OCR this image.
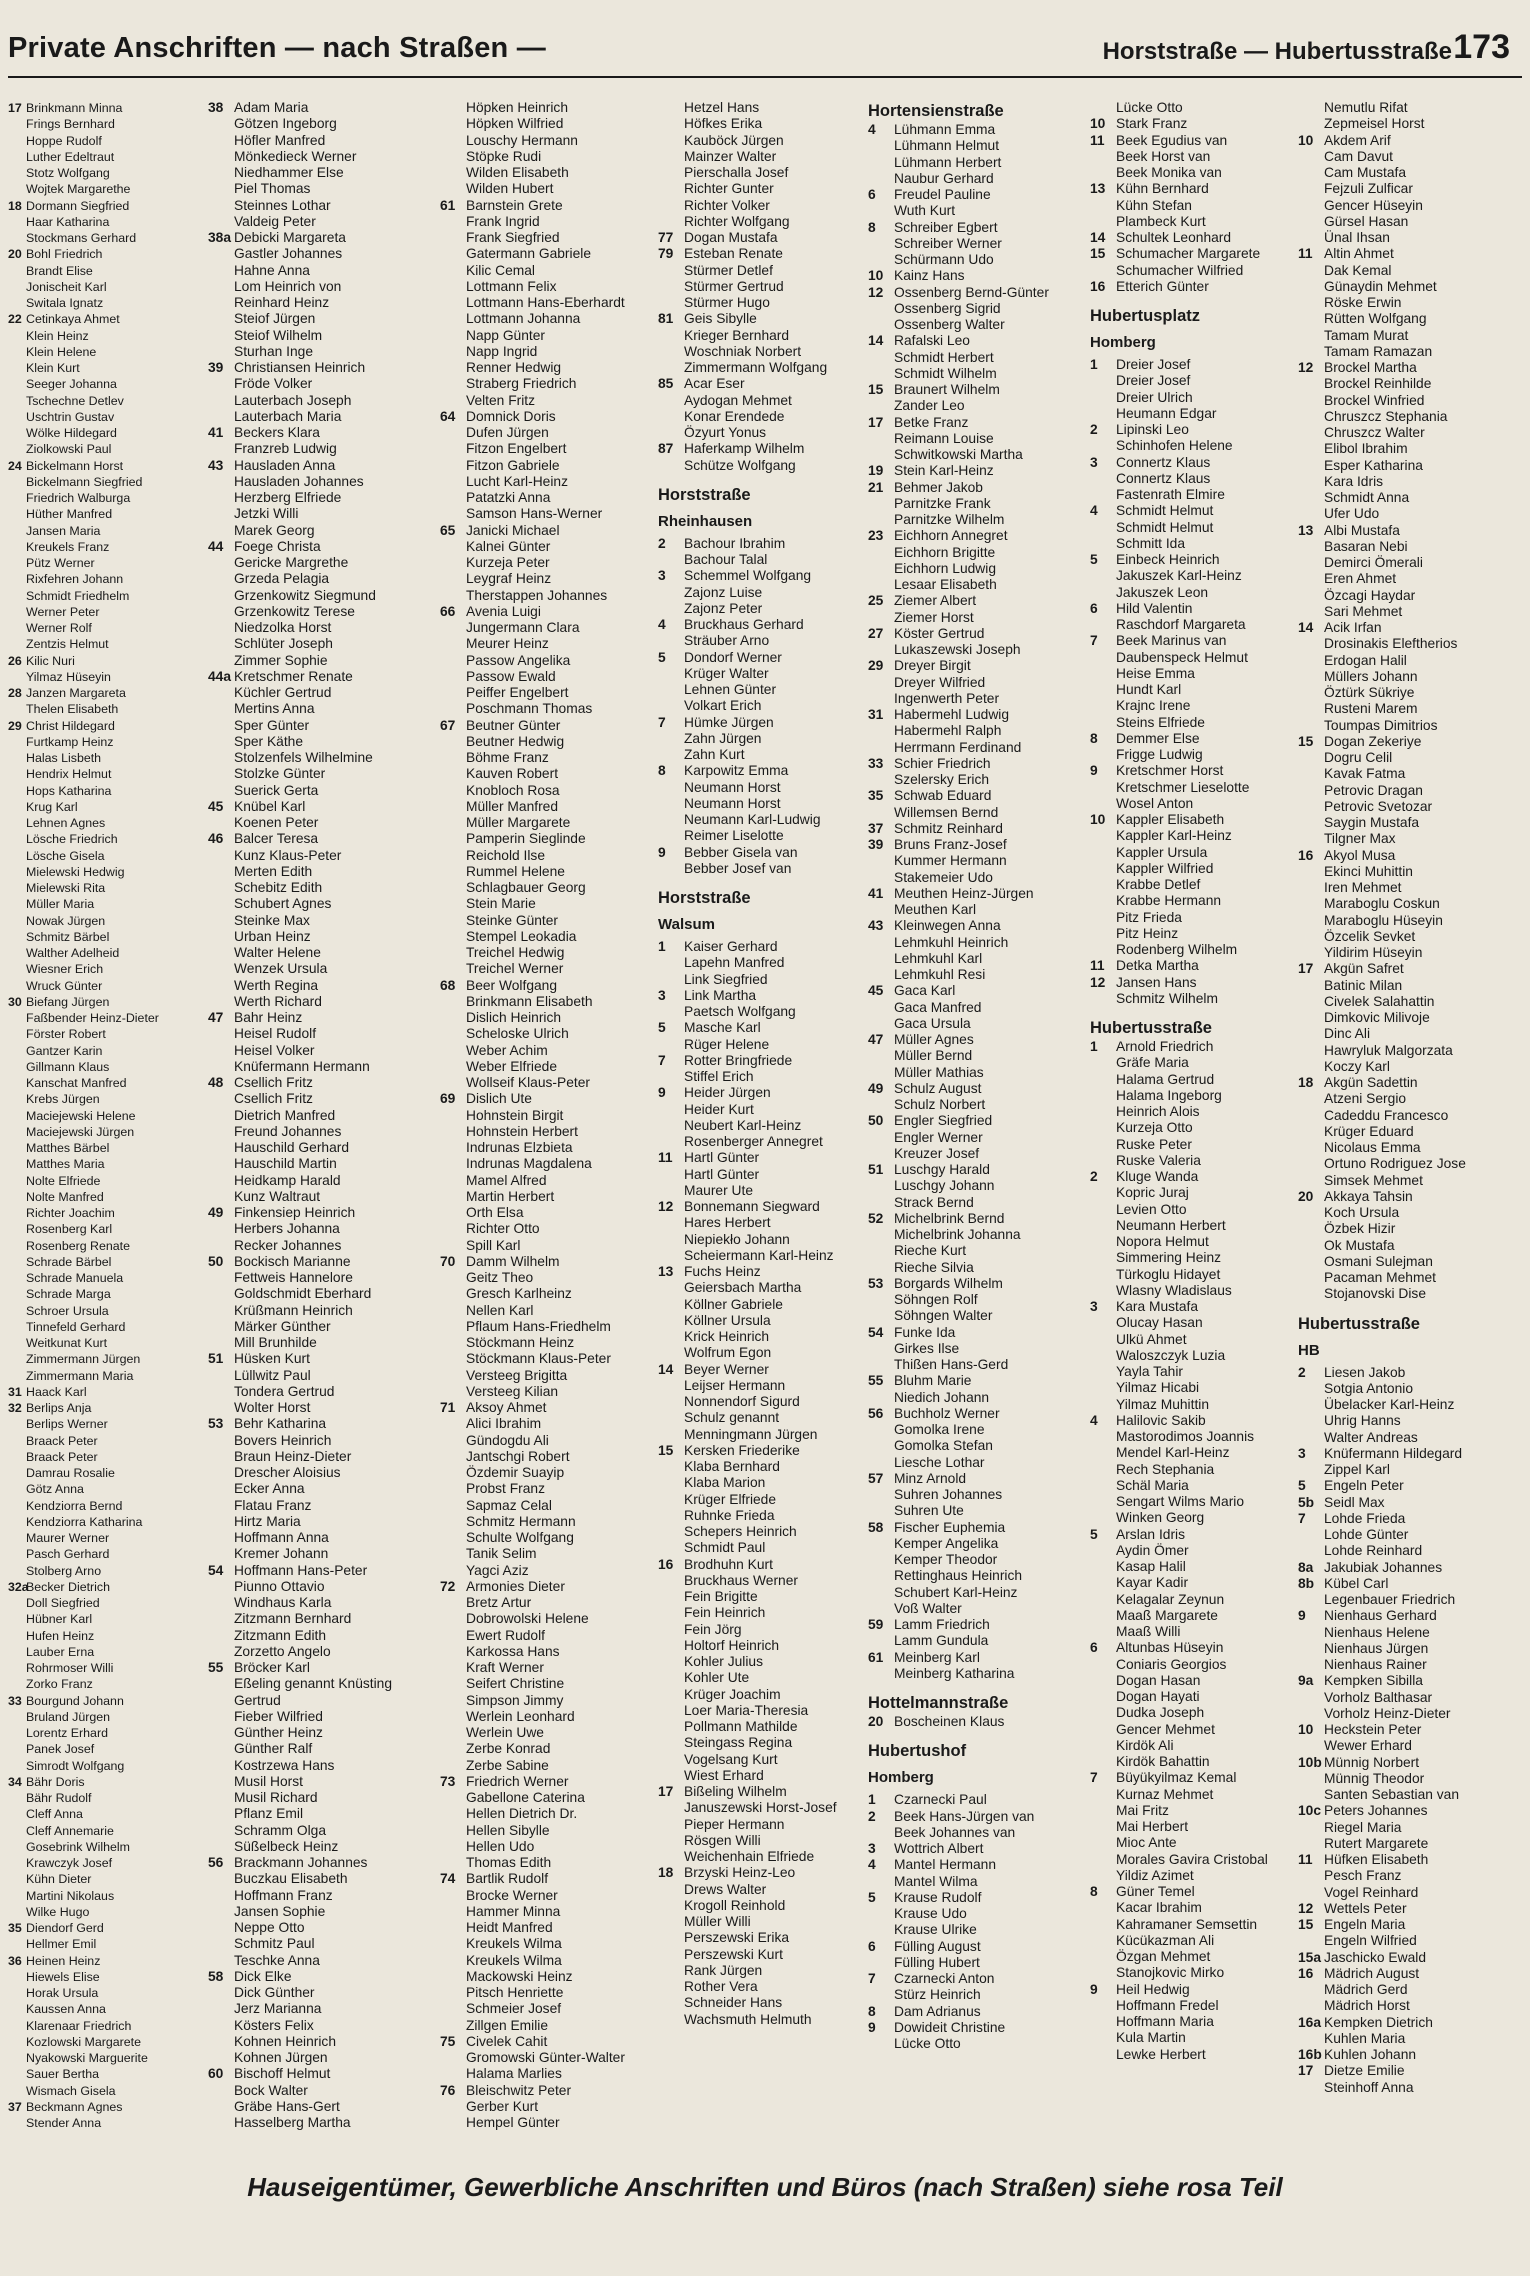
Private Anschriften — nach Straßen —	Horststraße — Hubertusstraße 173
17 Brinkmann Minna
Frings Bernhard
Hoppe Rudolf
Luther Edeltraut
Stotz Wolfgang
Wojtek Margarethe
18 Dormann Siegfried
Haar Katharina
Stockmans Gerhard
20 Bohl Friedrich
Brandt Elise
Jonischeit Karl
Switala Ignatz
22 Cetinkaya Ahmet
Klein Heinz
Klein Helene
Klein Kurt
Seeger Johanna
Tschechne Detlev
Uschtrin Gustav
Wölke Hildegard
Ziolkowski Paul
24 Bickelmann Horst
Bickelmann Siegfried
Friedrich Walburga
Hüther Manfred
Jansen Maria
Kreukels Franz
Pütz Werner
Rixfehren Johann
Schmidt Friedhelm
Werner Peter
Werner Rolf
Zentzis Helmut
26 Kilic Nuri
Yilmaz Hüseyin
28 Janzen Margareta
Thelen Elisabeth
29 Christ Hildegard
Furtkamp Heinz
Halas Lisbeth
Hendrix Helmut
Hops Katharina
Krug Karl
Lehnen Agnes
Lösche Friedrich
Lösche Gisela
Mielewski Hedwig
Mielewski Rita
Müller Maria
Nowak Jürgen
Schmitz Bärbel
Walther Adelheid
Wiesner Erich
Wruck Günter
30 Biefang Jürgen
Faßbender Heinz-Dieter
Förster Robert
Gantzer Karin
Gillmann Klaus
Kanschat Manfred
Krebs Jürgen
Maciejewski Helene
Maciejewski Jürgen
Matthes Bärbel
Matthes Maria
Nolte Elfriede
Nolte Manfred
Richter Joachim
Rosenberg Karl
Rosenberg Renate
Schrade Bärbel
Schrade Manuela
Schrade Marga
Schroer Ursula
Tinnefeld Gerhard
Weitkunat Kurt
Zimmermann Jürgen
Zimmermann Maria
31 Haack Karl
32 Berlips Anja
Berlips Werner
Braack Peter
Braack Peter
Damrau Rosalie
Götz Anna
Kendziorra Bernd
Kendziorra Katharina
Maurer Werner
Pasch Gerhard
Stolberg Arno
32aBecker Dietrich
Doll Siegfried
Hübner Karl
Hufen Heinz
Lauber Erna
Rohrmoser Willi
Zorko Franz
33 Bourgund Johann
Bruland Jürgen
Lorentz Erhard
Panek Josef
Simrodt Wolfgang
34 Bähr Doris
Bähr Rudolf
Cleff Anna
Cleff Annemarie
Gosebrink Wilhelm
Krawczyk Josef
Kühn Dieter
Martini Nikolaus
Wilke Hugo
35 Diendorf Gerd
Hellmer Emil
36 Heinen Heinz
Hiewels Elise
Horak Ursula
Kaussen Anna
Klarenaar Friedrich
Kozlowski Margarete
Nyakowski Marguerite
Sauer Bertha
Wismach Gisela
37 Beckmann Agnes
Stender Anna
38 Adam Maria
Götzen Ingeborg
Höfler Manfred
Mönkedieck Werner
Niedhammer Else
Piel Thomas
Steinnes Lothar
Valdeig Peter
38a Debicki Margareta
Gastler Johannes
Hahne Anna
Lom Heinrich von
Reinhard Heinz
Steiof Jürgen
Steiof Wilhelm
Sturhan Inge
39 Christiansen Heinrich
Fröde Volker
Lauterbach Joseph
Lauterbach Maria
41 Beckers Klara
Franzreb Ludwig
43 Hausladen Anna
Hausladen Johannes
Herzberg Elfriede
Jetzki Willi
Marek Georg
44 Foege Christa
Gericke Margrethe
Grzeda Pelagia
Grzenkowitz Siegmund
Grzenkowitz Terese
Niedzolka Horst
Schlüter Joseph
Zimmer Sophie
44a Kretschmer Renate
Küchler Gertrud
Mertins Anna
Sper Günter
Sper Käthe
Stolzenfels Wilhelmine
Stolzke Günter
Suerick Gerta
45 Knübel Karl
Koenen Peter
46 Balcer Teresa
Kunz Klaus-Peter
Merten Edith
Schebitz Edith
Schubert Agnes
Steinke Max
Urban Heinz
Walter Helene
Wenzek Ursula
Werth Regina
Werth Richard
47 Bahr Heinz
Heisel Rudolf
Heisel Volker
Knüfermann Hermann
48 Csellich Fritz
Csellich Fritz
Dietrich Manfred
Freund Johannes
Hauschild Gerhard
Hauschild Martin
Heidkamp Harald
Kunz Waltraut
49 Finkensiep Heinrich
Herbers Johanna
Recker Johannes
50 Bockisch Marianne
Fettweis Hannelore
Goldschmidt Eberhard
Krüßmann Heinrich
Märker Günther
Mill Brunhilde
51 Hüsken Kurt
Lüllwitz Paul
Tondera Gertrud
Wolter Horst
53 Behr Katharina
Bovers Heinrich
Braun Heinz-Dieter
Drescher Aloisius
Ecker Anna
Flatau Franz
Hirtz Maria
Hoffmann Anna
Kremer Johann
54 Hoffmann Hans-Peter
Piunno Ottavio
Windhaus Karla
Zitzmann Bernhard
Zitzmann Edith
Zorzetto Angelo
55 Bröcker Karl
Eßeling genannt Knüsting
Gertrud
Fieber Wilfried
Günther Heinz
Günther Ralf
Kostrzewa Hans
Musil Horst
Musil Richard
Pflanz Emil
Schramm Olga
Süßelbeck Heinz
56 Brackmann Johannes
Buczkau Elisabeth
Hoffmann Franz
Jansen Sophie
Neppe Otto
Schmitz Paul
Teschke Anna
58 Dick Elke
Dick Günther
Jerz Marianna
Kösters Felix
Kohnen Heinrich
Kohnen Jürgen
60 Bischoff Helmut
Bock Walter
Gräbe Hans-Gert
Hasselberg Martha
Höpken Heinrich
Höpken Wilfried
Louschy Hermann
Stöpke Rudi
Wilden Elisabeth
Wilden Hubert
61 Barnstein Grete
Frank Ingrid
Frank Siegfried
Gatermann Gabriele
Kilic Cemal
Lottmann Felix
Lottmann Hans-Eberhardt
Lottmann Johanna
Napp Günter
Napp Ingrid
Renner Hedwig
Straberg Friedrich
Velten Fritz
64 Domnick Doris
Dufen Jürgen
Fitzon Engelbert
Fitzon Gabriele
Lucht Karl-Heinz
Patatzki Anna
Samson Hans-Werner
65 Janicki Michael
Kalnei Günter
Kurzeja Peter
Leygraf Heinz
Therstappen Johannes
66 Avenia Luigi
Jungermann Clara
Meurer Heinz
Passow Angelika
Passow Ewald
Peiffer Engelbert
Poschmann Thomas
67 Beutner Günter
Beutner Hedwig
Böhme Franz
Kauven Robert
Knobloch Rosa
Müller Manfred
Müller Margarete
Pamperin Sieglinde
Reichold Ilse
Rummel Helene
Schlagbauer Georg
Stein Marie
Steinke Günter
Stempel Leokadia
Treichel Hedwig
Treichel Werner
68 Beer Wolfgang
Brinkmann Elisabeth
Dislich Heinrich
Scheloske Ulrich
Weber Achim
Weber Elfriede
Wollseif Klaus-Peter
69 Dislich Ute
Hohnstein Birgit
Hohnstein Herbert
Indrunas Elzbieta
Indrunas Magdalena
Mamel Alfred
Martin Herbert
Orth Elsa
Richter Otto
Spill Karl
70 Damm Wilhelm
Geitz Theo
Gresch Karlheinz
Nellen Karl
Pflaum Hans-Friedhelm
Stöckmann Heinz
Stöckmann Klaus-Peter
Versteeg Brigitta
Versteeg Kilian
71 Aksoy Ahmet
Alici Ibrahim
Gündogdu Ali
Jantschgi Robert
Özdemir Suayip
Probst Franz
Sapmaz Celal
Schmitz Hermann
Schulte Wolfgang
Tanik Selim
Yagci Aziz
72 Armonies Dieter
Bretz Artur
Dobrowolski Helene
Ewert Rudolf
Karkossa Hans
Kraft Werner
Seifert Christine
Simpson Jimmy
Werlein Leonhard
Werlein Uwe
Zerbe Konrad
Zerbe Sabine
73 Friedrich Werner
Gabellone Caterina
Hellen Dietrich Dr.
Hellen Sibylle
Hellen Udo
Thomas Edith
74 Bartlik Rudolf
Brocke Werner
Hammer Minna
Heidt Manfred
Kreukels Wilma
Kreukels Wilma
Mackowski Heinz
Pitsch Henriette
Schmeier Josef
Zillgen Emilie
75 Civelek Cahit
Gromowski Günter-Walter
Halama Marlies
76 Bleischwitz Peter
Gerber Kurt
Hempel Günter
Hetzel Hans
Höfkes Erika
Kauböck Jürgen
Mainzer Walter
Pierschalla Josef
Richter Gunter
Richter Volker
Richter Wolfgang
77 Dogan Mustafa
79 Esteban Renate
Stürmer Detlef
Stürmer Gertrud
Stürmer Hugo
81 Geis Sibylle
Krieger Bernhard
Woschniak Norbert
Zimmermann Wolfgang
85 Acar Eser
Aydogan Mehmet
Konar Erendede
Özyurt Yonus
87 Haferkamp Wilhelm
Schütze Wolfgang
Horststraße
Rheinhausen
2 Bachour Ibrahim
Bachour Talal
3 Schemmel Wolfgang
Zajonz Luise
Zajonz Peter
4 Bruckhaus Gerhard
Sträuber Arno
5 Dondorf Werner
Krüger Walter
Lehnen Günter
Volkart Erich
7 Hümke Jürgen
Zahn Jürgen
Zahn Kurt
8 Karpowitz Emma
Neumann Horst
Neumann Horst
Neumann Karl-Ludwig
Reimer Liselotte
9 Bebber Gisela van
Bebber Josef van
Horststraße
Walsum
1 Kaiser Gerhard
Lapehn Manfred
Link Siegfried
3 Link Martha
Paetsch Wolfgang
5 Masche Karl
Rüger Helene
7 Rotter Bringfriede
Stiffel Erich
9 Heider Jürgen
Heider Kurt
Neubert Karl-Heinz
Rosenberger Annegret
11 Hartl Günter
Hartl Günter
Maurer Ute
12 Bonnemann Siegward
Hares Herbert
Niepiekło Johann
Scheiermann Karl-Heinz
13 Fuchs Heinz
Geiersbach Martha
Köllner Gabriele
Köllner Ursula
Krick Heinrich
Wolfrum Egon
14 Beyer Werner
Leijser Hermann
Nonnendorf Sigurd
Schulz genannt
Menningmann Jürgen
15 Kersken Friederike
Klaba Bernhard
Klaba Marion
Krüger Elfriede
Ruhnke Frieda
Schepers Heinrich
Schmidt Paul
16 Brodhuhn Kurt
Bruckhaus Werner
Fein Brigitte
Fein Heinrich
Fein Jörg
Holtorf Heinrich
Kohler Julius
Kohler Ute
Krüger Joachim
Loer Maria-Theresia
Pollmann Mathilde
Steingass Regina
Vogelsang Kurt
Wiest Erhard
17 Bißeling Wilhelm
Januszewski Horst-Josef
Pieper Hermann
Rösgen Willi
Weichenhain Elfriede
18 Brzyski Heinz-Leo
Drews Walter
Krogoll Reinhold
Müller Willi
Perszewski Erika
Perszewski Kurt
Rank Jürgen
Rother Vera
Schneider Hans
Wachsmuth Helmuth
Hortensienstraße
4 Lühmann Emma
Lühmann Helmut
Lühmann Herbert
Naubur Gerhard
6 Freudel Pauline
Wuth Kurt
8 Schreiber Egbert
Schreiber Werner
Schürmann Udo
10 Kainz Hans
12 Ossenberg Bernd-Günter
Ossenberg Sigrid
Ossenberg Walter
14 Rafalski Leo
Schmidt Herbert
Schmidt Wilhelm
15 Braunert Wilhelm
Zander Leo
17 Betke Franz
Reimann Louise
Schwitkowski Martha
19 Stein Karl-Heinz
21 Behmer Jakob
Parnitzke Frank
Parnitzke Wilhelm
23 Eichhorn Annegret
Eichhorn Brigitte
Eichhorn Ludwig
Lesaar Elisabeth
25 Ziemer Albert
Ziemer Horst
27 Köster Gertrud
Lukaszewski Joseph
29 Dreyer Birgit
Dreyer Wilfried
Ingenwerth Peter
31 Habermehl Ludwig
Habermehl Ralph
Herrmann Ferdinand
33 Schier Friedrich
Szelersky Erich
35 Schwab Eduard
Willemsen Bernd
37 Schmitz Reinhard
39 Bruns Franz-Josef
Kummer Hermann
Stakemeier Udo
41 Meuthen Heinz-Jürgen
Meuthen Karl
43 Kleinwegen Anna
Lehmkuhl Heinrich
Lehmkuhl Karl
Lehmkuhl Resi
45 Gaca Karl
Gaca Manfred
Gaca Ursula
47 Müller Agnes
Müller Bernd
Müller Mathias
49 Schulz August
Schulz Norbert
50 Engler Siegfried
Engler Werner
Kreuzer Josef
51 Luschgy Harald
Luschgy Johann
Strack Bernd
52 Michelbrink Bernd
Michelbrink Johanna
Rieche Kurt
Rieche Silvia
53 Borgards Wilhelm
Söhngen Rolf
Söhngen Walter
54 Funke Ida
Girkes Ilse
Thißen Hans-Gerd
55 Bluhm Marie
Niedich Johann
56 Buchholz Werner
Gomolka Irene
Gomolka Stefan
Liesche Lothar
57 Minz Arnold
Suhren Johannes
Suhren Ute
58 Fischer Euphemia
Kemper Angelika
Kemper Theodor
Rettinghaus Heinrich
Schubert Karl-Heinz
Voß Walter
59 Lamm Friedrich
Lamm Gundula
61 Meinberg Karl
Meinberg Katharina
Hottelmannstraße
20 Boscheinen Klaus
Hubertushof
Homberg
1 Czarnecki Paul
2 Beek Hans-Jürgen van
Beek Johannes van
3 Wottrich Albert
4 Mantel Hermann
Mantel Wilma
5 Krause Rudolf
Krause Udo
Krause Ulrike
6 Fülling August
Fülling Hubert
7 Czarnecki Anton
Stürz Heinrich
8 Dam Adrianus
9 Dowideit Christine
Lücke Otto
Lücke Otto
10 Stark Franz
11 Beek Egudius van
Beek Horst van
Beek Monika van
13 Kühn Bernhard
Kühn Stefan
Plambeck Kurt
14 Schultek Leonhard
15 Schumacher Margarete
Schumacher Wilfried
16 Etterich Günter
Hubertusplatz
Homberg
1 Dreier Josef
Dreier Josef
Dreier Ulrich
Heumann Edgar
2 Lipinski Leo
Schinhofen Helene
3 Connertz Klaus
Connertz Klaus
Fastenrath Elmire
4 Schmidt Helmut
Schmidt Helmut
Schmitt Ida
5 Einbeck Heinrich
Jakuszek Karl-Heinz
Jakuszek Leon
6 Hild Valentin
Raschdorf Margareta
7 Beek Marinus van
Daubenspeck Helmut
Heise Emma
Hundt Karl
Krajnc Irene
Steins Elfriede
8 Demmer Else
Frigge Ludwig
9 Kretschmer Horst
Kretschmer Lieselotte
Wosel Anton
10 Kappler Elisabeth
Kappler Karl-Heinz
Kappler Ursula
Kappler Wilfried
Krabbe Detlef
Krabbe Hermann
Pitz Frieda
Pitz Heinz
Rodenberg Wilhelm
11 Detka Martha
12 Jansen Hans
Schmitz Wilhelm
Hubertusstraße
1 Arnold Friedrich
Gräfe Maria
Halama Gertrud
Halama Ingeborg
Heinrich Alois
Kurzeja Otto
Ruske Peter
Ruske Valeria
2 Kluge Wanda
Kopric Juraj
Levien Otto
Neumann Herbert
Nopora Helmut
Simmering Heinz
Türkoglu Hidayet
Wlasny Wladislaus
3 Kara Mustafa
Olucay Hasan
Ulkü Ahmet
Waloszczyk Luzia
Yayla Tahir
Yilmaz Hicabi
Yilmaz Muhittin
4 Halilovic Sakib
Mastorodimos Joannis
Mendel Karl-Heinz
Rech Stephania
Schäl Maria
Sengart Wilms Mario
Winken Georg
5 Arslan Idris
Aydin Ömer
Kasap Halil
Kayar Kadir
Kelagalar Zeynun
Maaß Margarete
Maaß Willi
6 Altunbas Hüseyin
Coniaris Georgios
Dogan Hasan
Dogan Hayati
Dudka Joseph
Gencer Mehmet
Kirdök Ali
Kirdök Bahattin
7 Büyükyilmaz Kemal
Kurnaz Mehmet
Mai Fritz
Mai Herbert
Mioc Ante
Morales Gavira Cristobal
Yildiz Azimet
8 Güner Temel
Kacar Ibrahim
Kahramaner Semsettin
Kücükazman Ali
Özgan Mehmet
Stanojkovic Mirko
9 Heil Hedwig
Hoffmann Fredel
Hoffmann Maria
Kula Martin
Lewke Herbert
Nemutlu Rifat
Zepmeisel Horst
10 Akdem Arif
Cam Davut
Cam Mustafa
Fejzuli Zulficar
Gencer Hüseyin
Gürsel Hasan
Ünal Ihsan
11 Altin Ahmet
Dak Kemal
Günaydin Mehmet
Röske Erwin
Rütten Wolfgang
Tamam Murat
Tamam Ramazan
12 Brockel Martha
Brockel Reinhilde
Brockel Winfried
Chruszcz Stephania
Chruszcz Walter
Elibol Ibrahim
Esper Katharina
Kara Idris
Schmidt Anna
Ufer Udo
13 Albi Mustafa
Basaran Nebi
Demirci Ömerali
Eren Ahmet
Özcagi Haydar
Sari Mehmet
14 Acik Irfan
Drosinakis Eleftherios
Erdogan Halil
Müllers Johann
Öztürk Sükriye
Rusteni Marem
Toumpas Dimitrios
15 Dogan Zekeriye
Dogru Celil
Kavak Fatma
Petrovic Dragan
Petrovic Svetozar
Saygin Mustafa
Tilgner Max
16 Akyol Musa
Ekinci Muhittin
Iren Mehmet
Maraboglu Coskun
Maraboglu Hüseyin
Özcelik Sevket
Yildirim Hüseyin
17 Akgün Safret
Batinic Milan
Civelek Salahattin
Dimkovic Milivoje
Dinc Ali
Hawryluk Malgorzata
Koczy Karl
18 Akgün Sadettin
Atzeni Sergio
Cadeddu Francesco
Krüger Eduard
Nicolaus Emma
Ortuno Rodriguez Jose
Simsek Mehmet
20 Akkaya Tahsin
Koch Ursula
Özbek Hizir
Ok Mustafa
Osmani Sulejman
Pacaman Mehmet
Stojanovski Dise
Hubertusstraße
HB
2 Liesen Jakob
Sotgia Antonio
Übelacker Karl-Heinz
Uhrig Hanns
Walter Andreas
3 Knüfermann Hildegard
Zippel Karl
5 Engeln Peter
5b Seidl Max
7 Lohde Frieda
Lohde Günter
Lohde Reinhard
8a Jakubiak Johannes
8b Kübel Carl
Legenbauer Friedrich
9 Nienhaus Gerhard
Nienhaus Helene
Nienhaus Jürgen
Nienhaus Rainer
9a Kempken Sibilla
Vorholz Balthasar
Vorholz Heinz-Dieter
10 Heckstein Peter
Wewer Erhard
10b Münnig Norbert
Münnig Theodor
Santen Sebastian van
10c Peters Johannes
Riegel Maria
Rutert Margarete
11 Hüfken Elisabeth
Pesch Franz
Vogel Reinhard
12 Wettels Peter
15 Engeln Maria
Engeln Wilfried
15a Jaschicko Ewald
16 Mädrich August
Mädrich Gerd
Mädrich Horst
16a Kempken Dietrich
Kuhlen Maria
16b Kuhlen Johann
17 Dietze Emilie
Steinhoff Anna
Hauseigentümer, Gewerbliche Anschriften und Büros (nach Straßen) siehe rosa Teil
